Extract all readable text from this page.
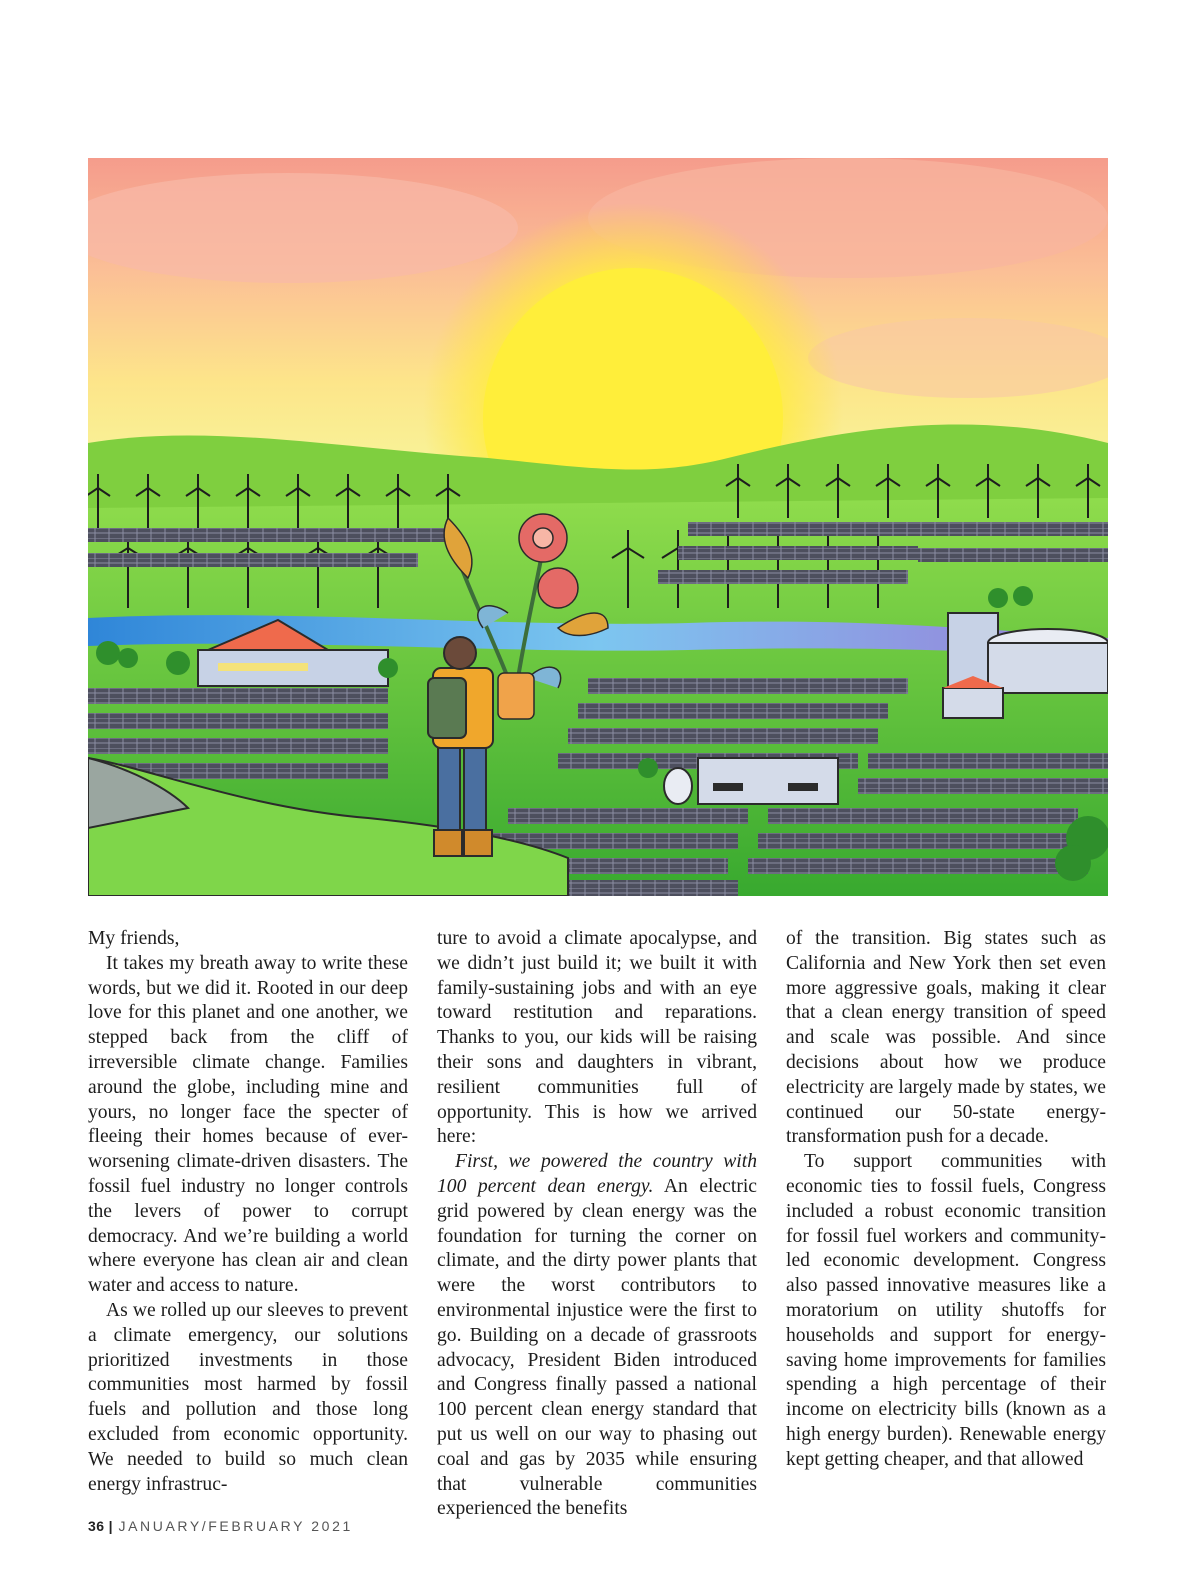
My friends,

It takes my breath away to write these words, but we did it. Rooted in our deep love for this planet and one another, we stepped back from the cliff of irreversible climate change. Families around the globe, including mine and yours, no longer face the specter of fleeing their homes because of ever-worsening climate-driven disasters. The fossil fuel industry no longer controls the levers of power to corrupt democracy. And we’re building a world where everyone has clean air and clean water and access to nature.

As we rolled up our sleeves to prevent a climate emergency, our solutions prioritized investments in those communities most harmed by fossil fuels and pollution and those long excluded from economic opportunity. We needed to build so much clean energy infrastruc-

ture to avoid a climate apocalypse, and we didn’t just build it; we built it with family-sustaining jobs and with an eye toward restitution and reparations. Thanks to you, our kids will be raising their sons and daughters in vibrant, resilient communities full of opportunity. This is how we arrived here:

First, we powered the country with 100 percent dean energy. An electric grid powered by clean energy was the foundation for turning the corner on climate, and the dirty power plants that were the worst contributors to environmental injustice were the first to go. Building on a decade of grassroots advocacy, President Biden introduced and Congress finally passed a national 100 percent clean energy standard that put us well on our way to phasing out coal and gas by 2035 while ensuring that vulnerable communities experienced the benefits

of the transition. Big states such as California and New York then set even more aggressive goals, making it clear that a clean energy transition of speed and scale was possible. And since decisions about how we produce electricity are largely made by states, we continued our 50-state energy-transformation push for a decade.

To support communities with economic ties to fossil fuels, Congress included a robust economic transition for fossil fuel workers and community-led economic development. Congress also passed innovative measures like a moratorium on utility shutoffs for households and support for energy-saving home improvements for families spending a high percentage of their income on electricity bills (known as a high energy burden). Renewable energy kept getting cheaper, and that allowed

36 | JANUARY/FEBRUARY 2021
